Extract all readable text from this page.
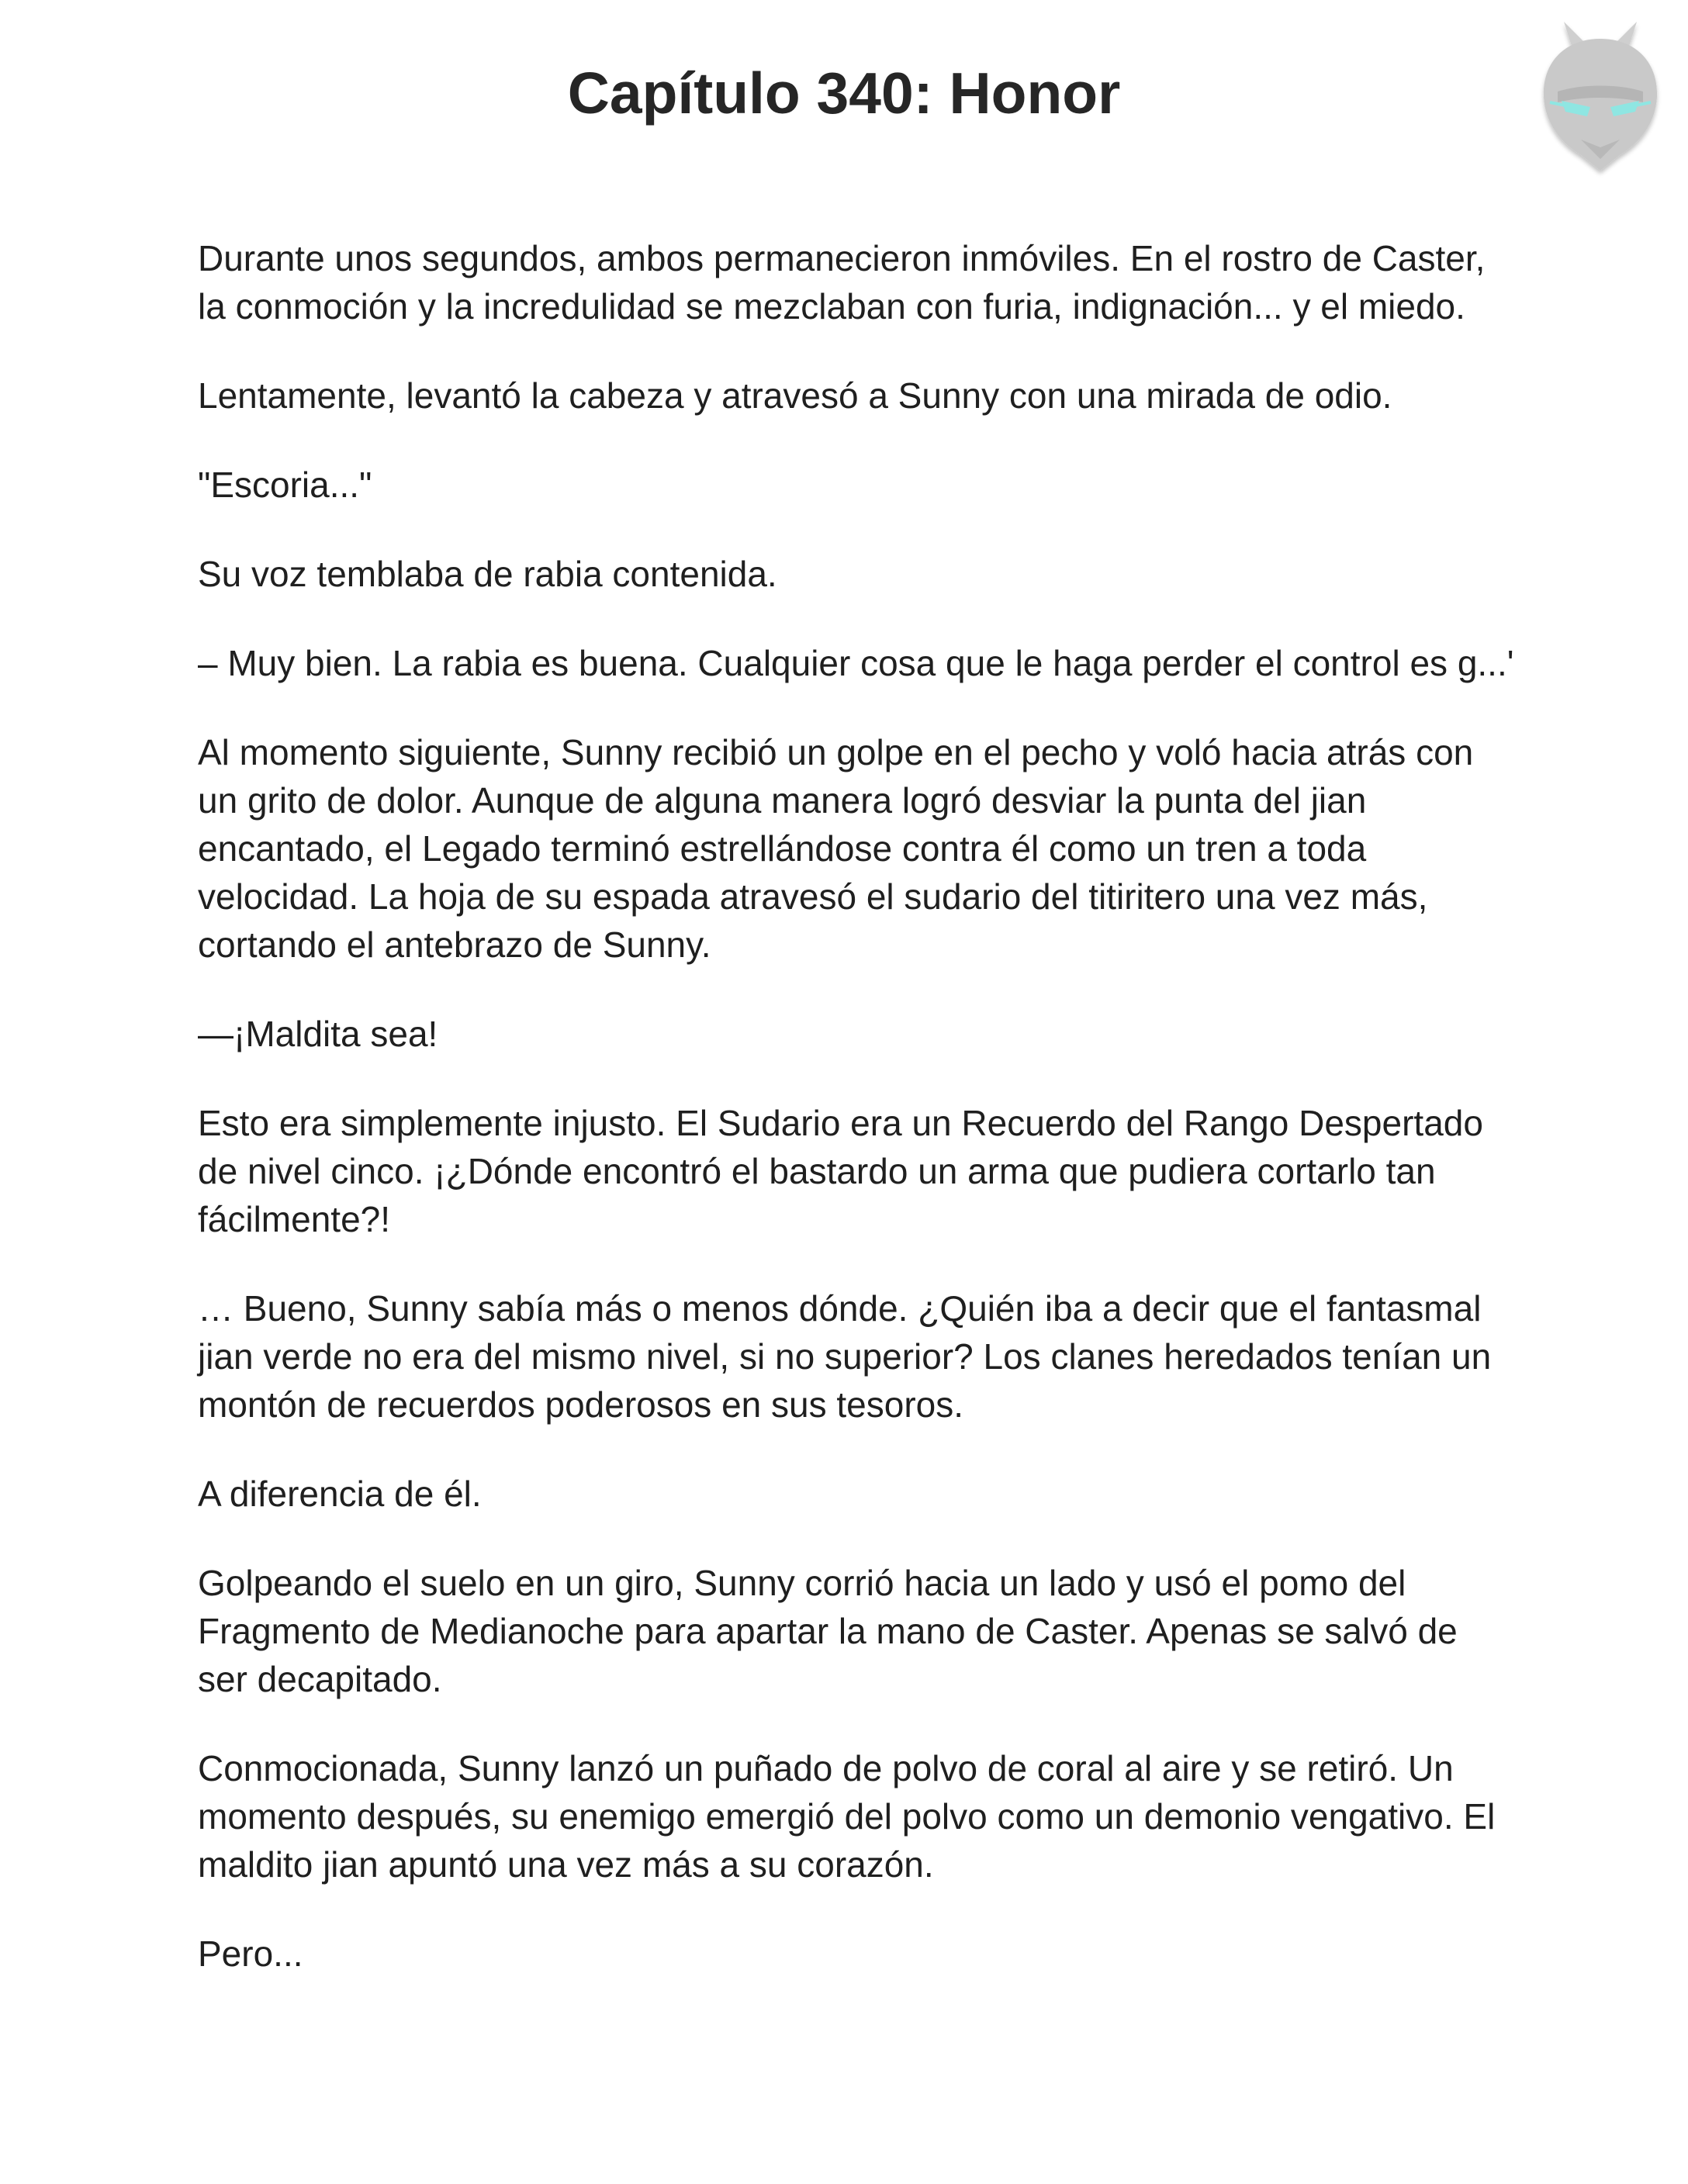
Capítulo 340: Honor

Durante unos segundos, ambos permanecieron inmóviles. En el rostro de Caster, la conmoción y la incredulidad se mezclaban con furia, indignación... y el miedo.

Lentamente, levantó la cabeza y atravesó a Sunny con una mirada de odio.

"Escoria..."

Su voz temblaba de rabia contenida.

– Muy bien. La rabia es buena. Cualquier cosa que le haga perder el control es g...'

Al momento siguiente, Sunny recibió un golpe en el pecho y voló hacia atrás con un grito de dolor. Aunque de alguna manera logró desviar la punta del jian encantado, el Legado terminó estrellándose contra él como un tren a toda velocidad. La hoja de su espada atravesó el sudario del titiritero una vez más, cortando el antebrazo de Sunny.

—¡Maldita sea!

Esto era simplemente injusto. El Sudario era un Recuerdo del Rango Despertado de nivel cinco. ¡¿Dónde encontró el bastardo un arma que pudiera cortarlo tan fácilmente?!

… Bueno, Sunny sabía más o menos dónde. ¿Quién iba a decir que el fantasmal jian verde no era del mismo nivel, si no superior? Los clanes heredados tenían un montón de recuerdos poderosos en sus tesoros.

A diferencia de él.

Golpeando el suelo en un giro, Sunny corrió hacia un lado y usó el pomo del Fragmento de Medianoche para apartar la mano de Caster. Apenas se salvó de ser decapitado.

Conmocionada, Sunny lanzó un puñado de polvo de coral al aire y se retiró. Un momento después, su enemigo emergió del polvo como un demonio vengativo. El maldito jian apuntó una vez más a su corazón.

Pero...
